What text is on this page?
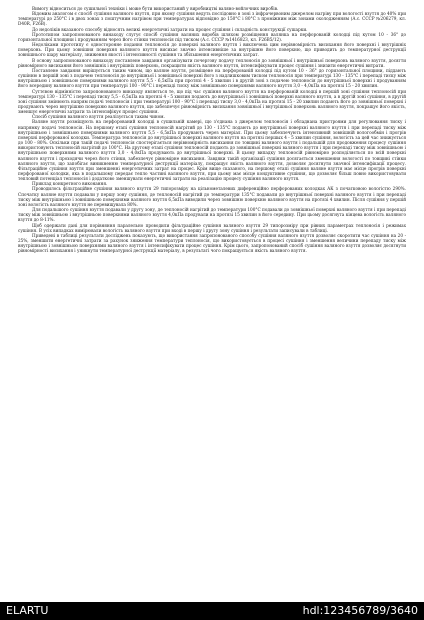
Вимогу відноситься до сушильної техніки і може бути використаний у виробництві валяно-войлочних виробів.

Відомим аналогом є спосіб сушіння валяного взуття, при якому сушіння ведуть послідовно в зоні з інфрачервоним джерелом нагріву при вологості взуття до 40% при температурі до 250°С і в двох зонах з поштучним нагрівом при температурах відповідно до 150°С і 80°С з проміжним між зонами охолодженням (А.с. СССР №206279, кл. D40R, F26B).

До недоліків вказаного способу відносять великі енергетичні затрати на процес сушіння і складність конструкції сушарки.

Прототипом запропонованого винаходу слугує спосіб сушіння валяних виробів шляхом розміщення валянка на перфорованій колодці під кутом 10 - 36° до горизонтальної площини і продуванням через його стінки теплоносія під тиском (А.с. СССР №1416823, кл. F26B5/12).

Недоліками прототипу є односторонне подання теплоносія до поверхні валяного взуття і виключена цим нерівномірність висихання його поверхні і внутрішніх поверхонь. При цьому зовнішня поверхня валяного взуття висихає значно інтенсивніше за внутрішню його поверхню, що приводить до температурної деструкції зовнішнього шару матеріалу, зниження якості і інтенсивності сушіння та збільшення енергетичних затрат.

В основу запропонованого винаходу поставлене завдання організувати почергову подачу теплоносія до зовнішньої і внутрішньої поверхонь валяного взуття, досягти рівномірного висихання його зовнішніх і внутрішніх поверхонь, покращити якість валяного взуття, інтенсифікувати процес сушіння і знизити енергетичні витрати.

Поставлене завдання вирішується таким чином, що валяне взуття, розміщене на перфорованій колодці під кутом 10 - 36° до горизонтальної площини, піддають сушінню в першій зоні з подачею теплоносія до внутрішньої і зовнішньої поверхні його з надлишковим тиском теплоносія при температурі 130 - 135°С і перепаді тиску між внутрішньою і зовнішньою поверхнями валяного взуття 5,5 - 6,5кПа при протязі 4 - 5 хвилин і в другій зоні з подачею теплоносія до внутрішньої поверхні і продуванням його всередину валяного взуття при температурі 100 - 90°С і перепаді тиску між зовнішньою поверхнями валяного взуття 3,0 - 4,0кПа на протязі 15 - 20 хвилин.

Суттєвою відмінністю запропонованого винаходу являється те, що під час сушіння валяного взуття на перфорованій колодці в першій зоні сушіння теплоносій при температурі 130 - 135°С і перепаді тиску 5,5 - 6,5кПа на протязі 4 - 5 хвилин подають до внутрішньої і зовнішньої поверхні валяного взуття, а в другій зоні сушіння, в другій зоні сушіння змінюють напрям подачі теплоносія і при температурі 100 - 90°С і перепаді тиску 3,0 - 4,0кПа на протязі 15 - 20 хвилин подають його до зовнішньої поверхні і продувають через внутрішню поверхню валяного взуття, що забезпечує рівномірність висихання зовнішньої і внутрішньої поверхонь валяного взуття, покращує його якість, зменшує енергетичні затрати та інтенсифікує процес сушіння.

Спосіб сушіння валяного взуття реалізується таким чином.

Валяне взуття розміщують на перфорований колодці в сушильній камері, що з'єднана з джерелом теплоносія і обладнана пристроями для регулювання тиску і напрямку подачі теплоносія. На першому етапі сушіння теплоносій нагрітий до 130 - 135°С подають до внутрішньої поверхні валяного взуття і при перепаді тиску між внутрішньою і зовнішньою поверхнями валяного взуття 5,5 - 6,5кПа продувають через матеріал. При цьому забезпечують інтенсивний зовнішній вологообмін і прогрів поверхні перфорованої колодки. Температура теплоносія до внутрішньої поверхні валяного взуття на протязі першых 4 - 5 хвилин сушіння, вологість за цей час знижується до 100 - 80%. Оскільки при такій подачі теплоносія спостерігається нерівномірність висихання по товщині валяного взуття і подальшій для продовження процесу сушіння використовують теплоносій нагрітий до 100°С. На другому етапі сушіння теплоносій подають до зовнішньої поверхні валяного взуття і при перепаді тиску між зовнішньою і внутрішньою поверхнями валяного взуття 3,0 - 4,0кПа продувають до внутрішньої поверхні. В цьому випадку теплоносій рівномірно розподіляється по всій поверхні валяного взуття і проходячи через його стінки, забезпечує рівномірне висихання. Завдяки такій організації сушіння досягається зменшення вологості по товщині стінки валяного взуття, що запобігає виникненню температурної деструкції матеріалу, покращує якість валяного взуття, дозволяє досягнути значної інтенсифікації процесу. Фільтраційне сушіння взуття при зменшенні енергетичних затрат на процес. Крім вище сказаного, на першому етапі сушіння валяне взуття має місце прогрів поверхні перфорованої колодки, яка в подальшому передає тепло частині валяного взуття, при цьому має місце кондуктивне сушіння, що дозволяє більш повно використовувати тепловий потенціал теплоносія і додатково зменшувати енергетичні затрати на реалізацію процесу сушіння валяного взуття.

Приклад конкретного виконання.

Проводилось фільтраційне сушіння валяного взуття 29 типорозміру на цільнометалевих диференційно перфорованих колодках АК з початковою вологістю 290%. Спочатку валяне взуття подавали у першу зону сушіння, де теплоносій нагрітий до температури 135°С подавали до внутрішньої поверхні валяного взуття і при перепаді тиску між внутрішньою і зовнішньою поверхнями валяного взуття 6,5кПа виводили через зовнішню поверхню валяного взуття на протязі 4 хвилин. Після сушіння у першій зоні вологість валяного взуття не перевищувала 80%.

Для подальшого сушіння взуття подавали у другу зону, де теплоносій нагрітий до температури 100°С подавали до зовнішньої поверхні валяного взуття і при перепаді тиску між зовнішньою і внутрішньою поверхнями валяного взуття 4,0кПа продували на протязі 15 хвилин в його середину. При цьому досягнута кінцева вологість валяного взуття до 8-11%.

Щоб одержати дані для порівняння паралельно проводили фільтраційне сушіння валяного взуття 29 типорозміру при рівних параметрах теплоносія і режимах сушіння. В усіх випадках вимірювали вологість валяного взуття при вході в першу і другу зону сушіння і результати записували в таблиці.

Приведені в таблиці результати досліджень показують, що використання запропонованого способу сушіння валяного взуття дозволяє скоротити час сушіння на 20 - 25%, зменшити енергетичні затрати за рахунок зниження температури теплоносія, що використовується в процесі сушіння і зменшення величини перепаду тиску між внутрішньою і зовнішньою поверхнями валяного взуття і інтенсифікувати процес сушіння. Крім цього, запропонований спосіб сушіння валяного взуття дозволяє досягнути рівномірності висихання і уникнути температурної деструкції матеріалу, в результаті чого покращується якість валяного взуття.

ELARTU	hdl:123456789/3640
